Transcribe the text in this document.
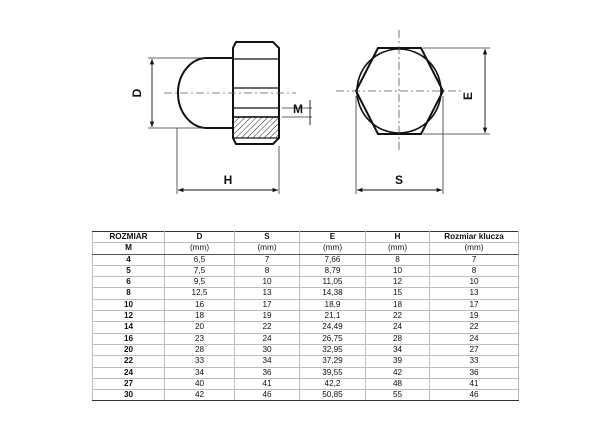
D
M
H
E
S
ROZMIAR	D	S	E	H	Rozmiar klucza
M	(mm)	(mm)	(mm)	(mm)	(mm)
4	6,5	7	7,66	8	7
5	7,5	8	8,79	10	8
6	9,5	10	11,05	12	10
8	12,5	13	14,38	15	13
10	16	17	18,9	18	17
12	18	19	21,1	22	19
14	20	22	24,49	24	22
16	23	24	26,75	28	24
20	28	30	32,95	34	27
22	33	34	37,29	39	33
24	34	36	39,55	42	36
27	40	41	42,2	48	41
30	42	46	50,85	55	46
